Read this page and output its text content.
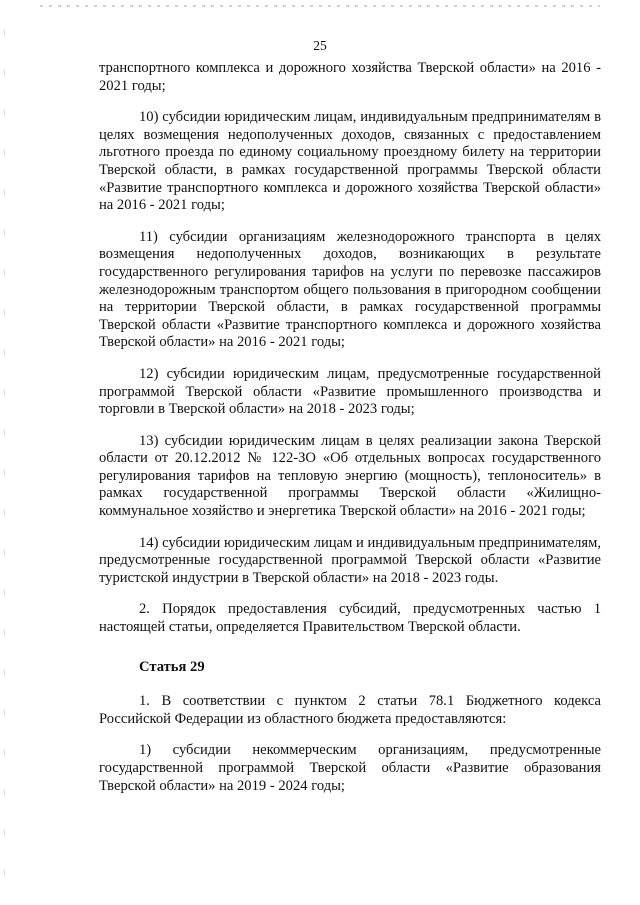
25

транспортного комплекса и дорожного хозяйства Тверской области» на 2016 - 2021 годы;

10) субсидии юридическим лицам, индивидуальным предпринимателям в целях возмещения недополученных доходов, связанных с предоставлением льготного проезда по единому социальному проездному билету на территории Тверской области, в рамках государственной программы Тверской области «Развитие транспортного комплекса и дорожного хозяйства Тверской области» на 2016 - 2021 годы;

11) субсидии организациям железнодорожного транспорта в целях возмещения недополученных доходов, возникающих в результате государственного регулирования тарифов на услуги по перевозке пассажиров железнодорожным транспортом общего пользования в пригородном сообщении на территории Тверской области, в рамках государственной программы Тверской области «Развитие транспортного комплекса и дорожного хозяйства Тверской области» на 2016 - 2021 годы;

12) субсидии юридическим лицам, предусмотренные государственной программой Тверской области «Развитие промышленного производства и торговли в Тверской области» на 2018 - 2023 годы;

13) субсидии юридическим лицам в целях реализации закона Тверской области от 20.12.2012 № 122-ЗО «Об отдельных вопросах государственного регулирования тарифов на тепловую энергию (мощность), теплоноситель» в рамках государственной программы Тверской области «Жилищно-коммунальное хозяйство и энергетика Тверской области» на 2016 - 2021 годы;

14) субсидии юридическим лицам и индивидуальным предпринимателям, предусмотренные государственной программой Тверской области «Развитие туристской индустрии в Тверской области» на 2018 - 2023 годы.

2. Порядок предоставления субсидий, предусмотренных частью 1 настоящей статьи, определяется Правительством Тверской области.

Статья 29

1. В соответствии с пунктом 2 статьи 78.1 Бюджетного кодекса Российской Федерации из областного бюджета предоставляются:

1) субсидии некоммерческим организациям, предусмотренные государственной программой Тверской области «Развитие образования Тверской области» на 2019 - 2024 годы;
